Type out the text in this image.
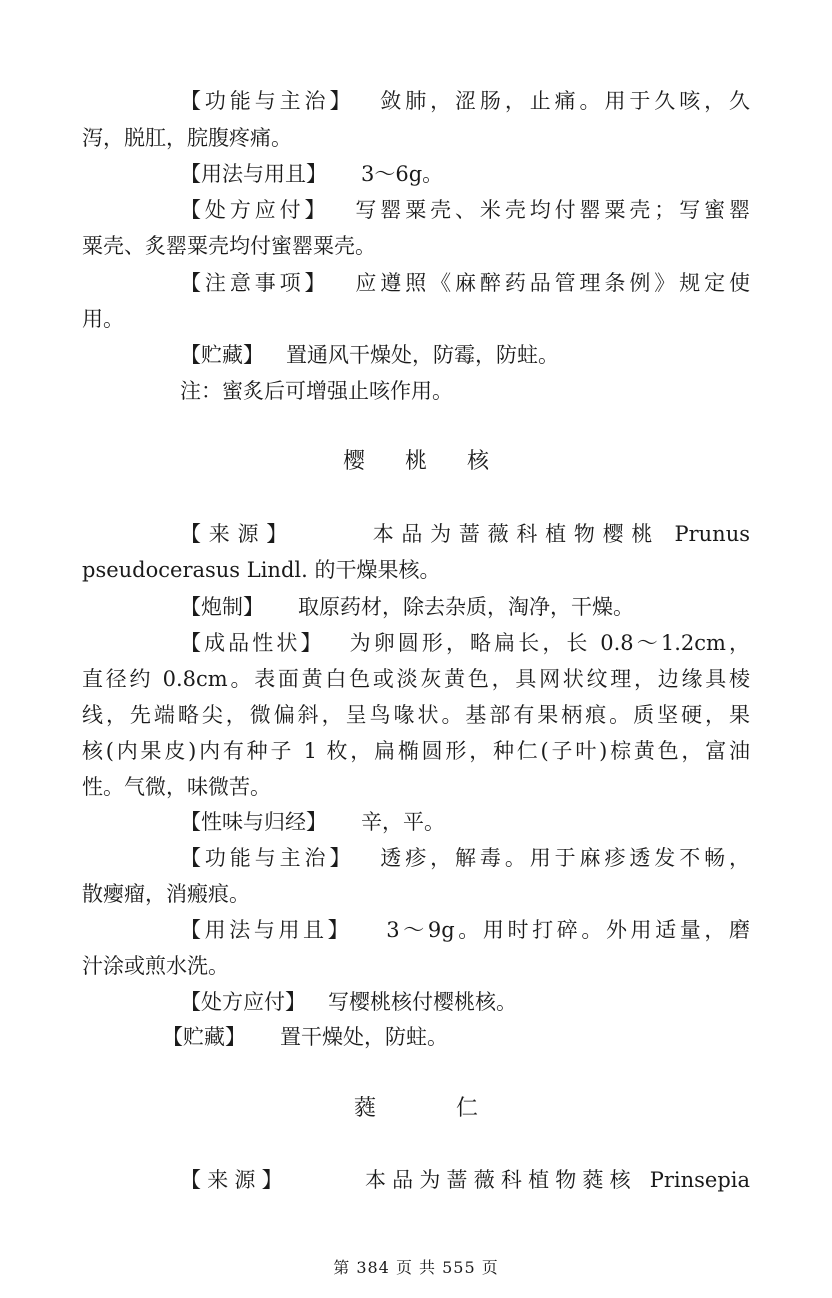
【功能与主治】 敛肺，涩肠，止痛。用于久咳，久
泻，脱肛，脘腹疼痛。
【用法与用且】 3～6g。
【处方应付】 写罂粟壳、米壳均付罂粟壳；写蜜罂
粟壳、炙罂粟壳均付蜜罂粟壳。
【注意事项】 应遵照《麻醉药品管理条例》规定使
用。
【贮藏】 置通风干燥处，防霉，防蛀。
注：蜜炙后可增强止咳作用。
樱 桃 核
【来源】	本品为蔷薇科植物樱桃 Prunus
pseudocerasus Lindl. 的干燥果核。
【炮制】 取原药材，除去杂质，淘净，干燥。
【成品性状】 为卵圆形，略扁长，长 0.8～1.2cm，
直径约 0.8cm。表面黄白色或淡灰黄色，具网状纹理，边缘具棱
线，先端略尖，微偏斜，呈鸟喙状。基部有果柄痕。质坚硬，果
核(内果皮)内有种子 1 枚，扁椭圆形，种仁(子叶)棕黄色，富油
性。气微，味微苦。
【性味与归经】 辛，平。
【功能与主治】 透疹，解毒。用于麻疹透发不畅，
散瘿瘤，消瘢痕。
【用法与用且】 3～9g。用时打碎。外用适量，磨
汁涂或煎水洗。
【处方应付】 写樱桃核付樱桃核。
【贮藏】 置干燥处，防蛀。
蕤	仁
【来源】	本品为蔷薇科植物蕤核 Prinsepia
第 384 页 共 555 页
